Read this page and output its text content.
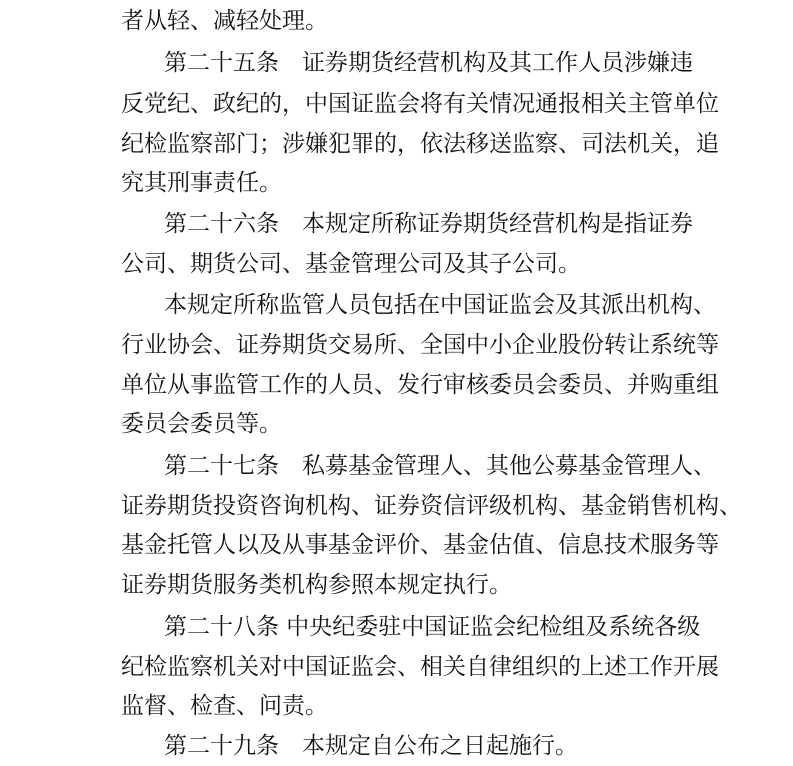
者从轻、减轻处理。
第二十五条　证券期货经营机构及其工作人员涉嫌违
反党纪、政纪的，中国证监会将有关情况通报相关主管单位
纪检监察部门；涉嫌犯罪的，依法移送监察、司法机关，追
究其刑事责任。
第二十六条　本规定所称证券期货经营机构是指证券
公司、期货公司、基金管理公司及其子公司。
本规定所称监管人员包括在中国证监会及其派出机构、
行业协会、证券期货交易所、全国中小企业股份转让系统等
单位从事监管工作的人员、发行审核委员会委员、并购重组
委员会委员等。
第二十七条　私募基金管理人、其他公募基金管理人、
证券期货投资咨询机构、证券资信评级机构、基金销售机构、
基金托管人以及从事基金评价、基金估值、信息技术服务等
证券期货服务类机构参照本规定执行。
第二十八条 中央纪委驻中国证监会纪检组及系统各级
纪检监察机关对中国证监会、相关自律组织的上述工作开展
监督、检查、问责。
第二十九条　本规定自公布之日起施行。
